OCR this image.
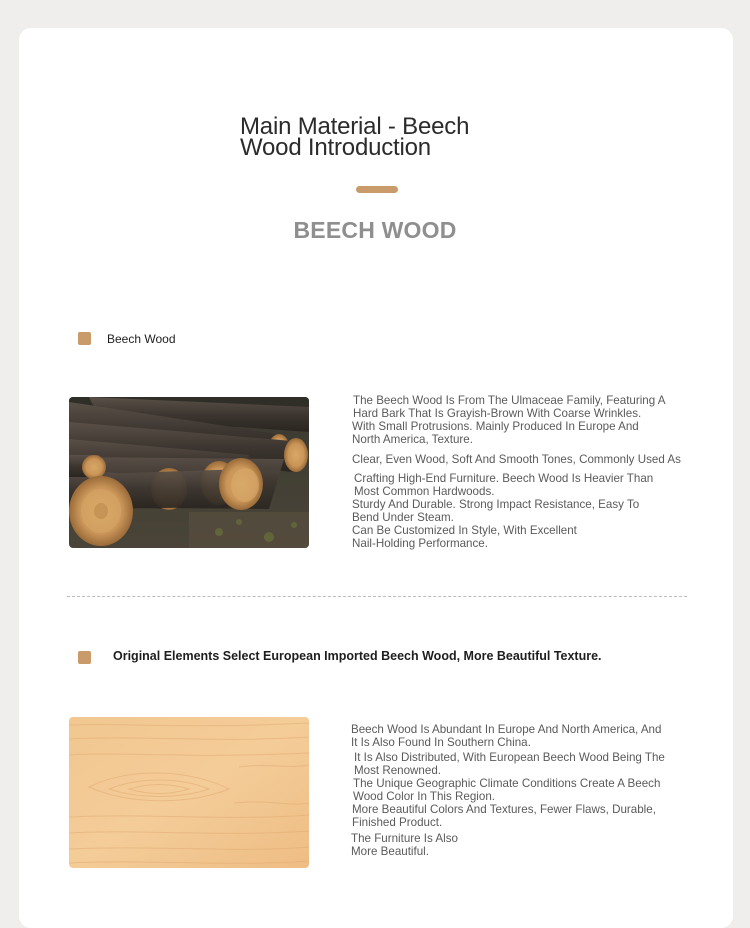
Main Material - Beech
Wood Introduction
BEECH WOOD
Beech Wood

The Beech Wood Is From The Ulmaceae Family, Featuring A

Hard Bark That Is Grayish-Brown With Coarse Wrinkles.

With Small Protrusions. Mainly Produced In Europe And

North America, Texture.

Clear, Even Wood, Soft And Smooth Tones, Commonly Used As

Crafting High-End Furniture. Beech Wood Is Heavier Than

Most Common Hardwoods.

Sturdy And Durable. Strong Impact Resistance, Easy To

Bend Under Steam.

Can Be Customized In Style, With Excellent

Nail-Holding Performance.

Original Elements Select European Imported Beech Wood, More Beautiful Texture.

Beech Wood Is Abundant In Europe And North America, And

It Is Also Found In Southern China.

It Is Also Distributed, With European Beech Wood Being The

Most Renowned.

The Unique Geographic Climate Conditions Create A Beech

Wood Color In This Region.

More Beautiful Colors And Textures, Fewer Flaws, Durable,

Finished Product.

The Furniture Is Also

More Beautiful.
